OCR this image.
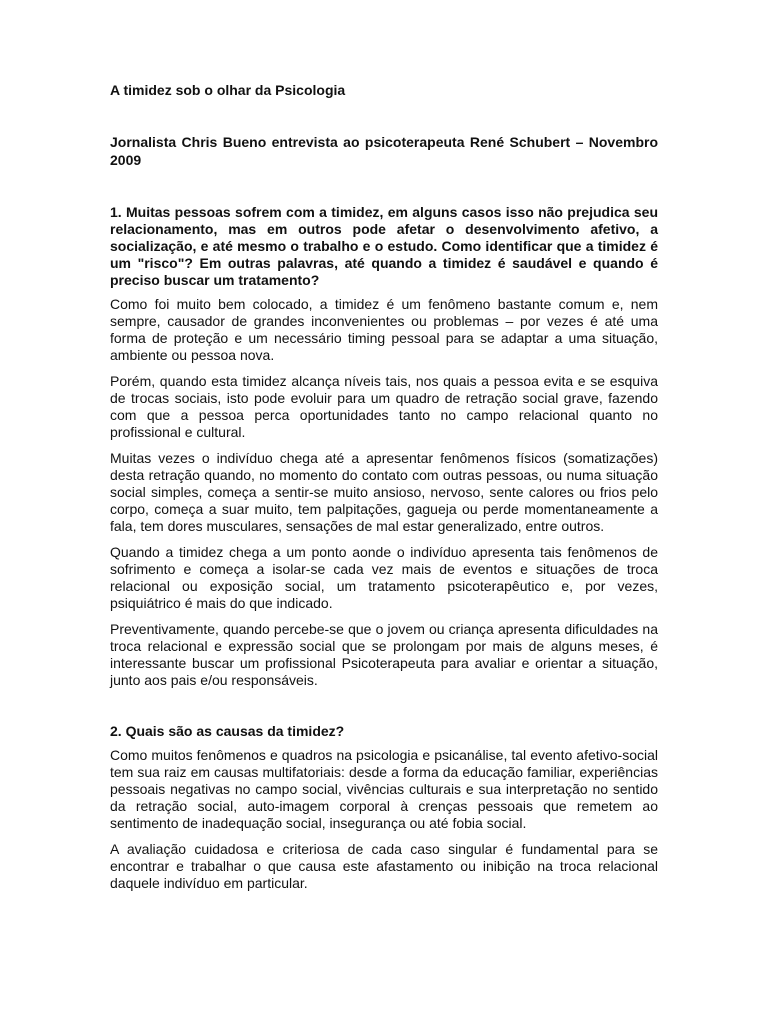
A timidez sob o olhar da Psicologia
Jornalista Chris Bueno entrevista ao psicoterapeuta René Schubert – Novembro 2009
1. Muitas pessoas sofrem com a timidez, em alguns casos isso não prejudica seu relacionamento, mas em outros pode afetar o desenvolvimento afetivo, a socialização, e até mesmo o trabalho e o estudo. Como identificar que a timidez é um "risco"? Em outras palavras, até quando a timidez é saudável e quando é preciso buscar um tratamento?

Como foi muito bem colocado, a timidez é um fenômeno bastante comum e, nem sempre, causador de grandes inconvenientes ou problemas – por vezes é até uma forma de proteção e um necessário timing pessoal para se adaptar a uma situação, ambiente ou pessoa nova.

Porém, quando esta timidez alcança níveis tais, nos quais a pessoa evita e se esquiva de trocas sociais, isto pode evoluir para um quadro de retração social grave, fazendo com que a pessoa perca oportunidades tanto no campo relacional quanto no profissional e cultural.

Muitas vezes o indivíduo chega até a apresentar fenômenos físicos (somatizações) desta retração quando, no momento do contato com outras pessoas, ou numa situação social simples, começa a sentir-se muito ansioso, nervoso, sente calores ou frios pelo corpo, começa a suar muito, tem palpitações, gagueja ou perde momentaneamente a fala, tem dores musculares, sensações de mal estar generalizado, entre outros.

Quando a timidez chega a um ponto aonde o indivíduo apresenta tais fenômenos de sofrimento e começa a isolar-se cada vez mais de eventos e situações de troca relacional ou exposição social, um tratamento psicoterapêutico e, por vezes, psiquiátrico é mais do que indicado.

Preventivamente, quando percebe-se que o jovem ou criança apresenta dificuldades na troca relacional e expressão social que se prolongam por mais de alguns meses, é interessante buscar um profissional Psicoterapeuta para avaliar e orientar a situação, junto aos pais e/ou responsáveis.

2. Quais são as causas da timidez?

Como muitos fenômenos e quadros na psicologia e psicanálise, tal evento afetivo-social tem sua raiz em causas multifatoriais: desde a forma da educação familiar, experiências pessoais negativas no campo social, vivências culturais e sua interpretação no sentido da retração social, auto-imagem corporal à crenças pessoais que remetem ao sentimento de inadequação social, insegurança ou até fobia social.

A avaliação cuidadosa e criteriosa de cada caso singular é fundamental para se encontrar e trabalhar o que causa este afastamento ou inibição na troca relacional daquele indivíduo em particular.
